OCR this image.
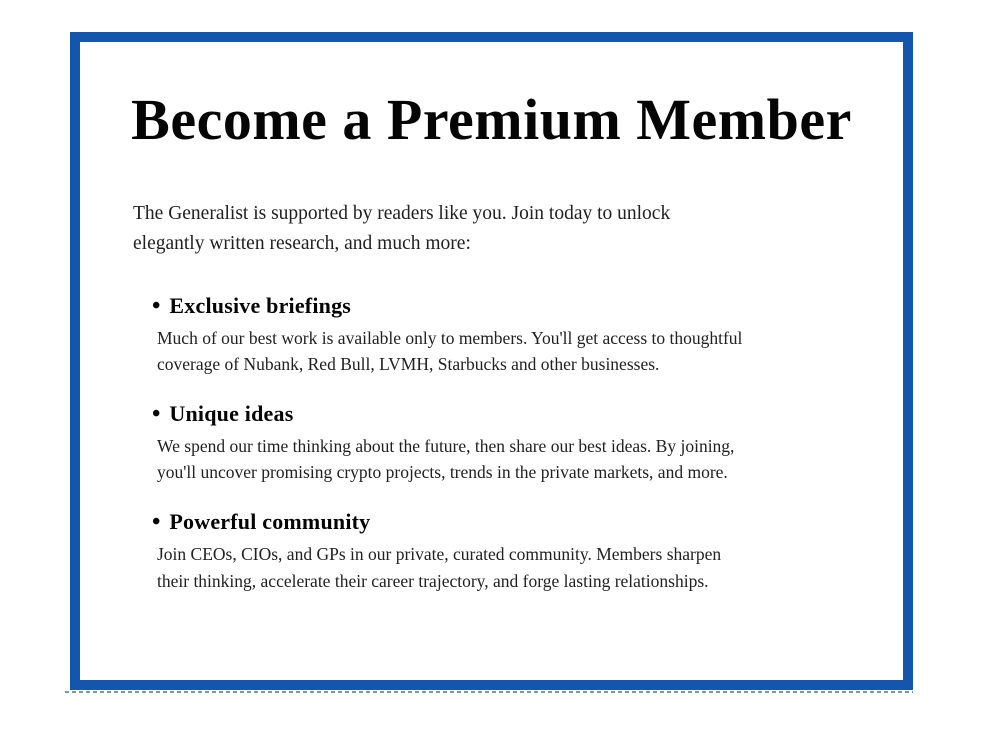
Become a Premium Member
The Generalist is supported by readers like you. Join today to unlock
elegantly written research, and much more:
• Exclusive briefings
Much of our best work is available only to members. You'll get access to thoughtful
coverage of Nubank, Red Bull, LVMH, Starbucks and other businesses.
• Unique ideas
We spend our time thinking about the future, then share our best ideas. By joining,
you'll uncover promising crypto projects, trends in the private markets, and more.
• Powerful community
Join CEOs, CIOs, and GPs in our private, curated community. Members sharpen
their thinking, accelerate their career trajectory, and forge lasting relationships.
